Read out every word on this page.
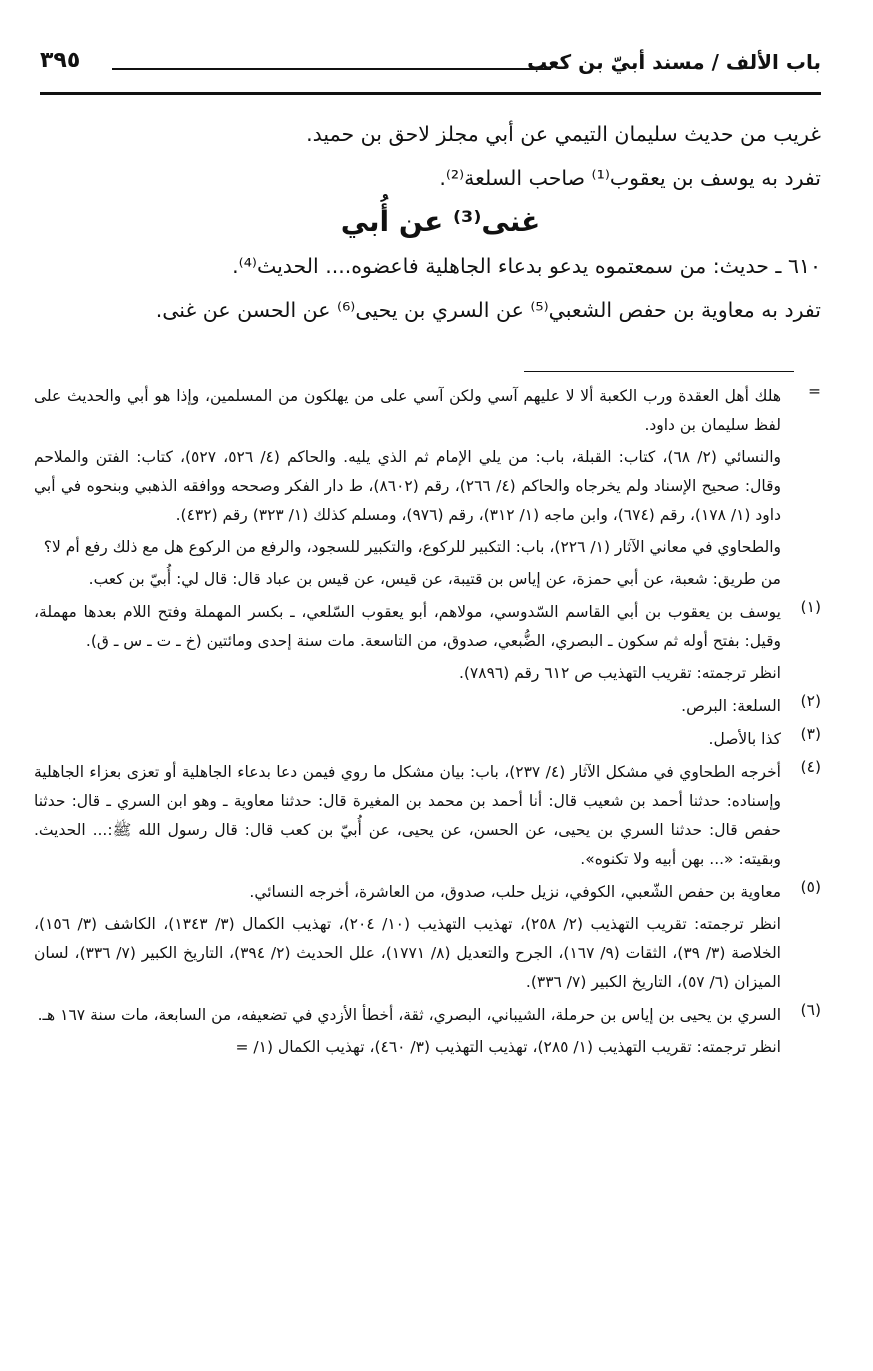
باب الألف / مسند أبيّ بن كعب
٣٩٥

غريب من حديث سليمان التيمي عن أبي مجلز لاحق بن حميد.

تفرد به يوسف بن يعقوب⁽¹⁾ صاحب السلعة⁽²⁾.

غنى⁽³⁾ عن أُبي

٦١٠ ـ حديث: من سمعتموه يدعو بدعاء الجاهلية فاعضوه.... الحديث⁽⁴⁾.

تفرد به معاوية بن حفص الشعبي⁽⁵⁾ عن السري بن يحيى⁽⁶⁾ عن الحسن عن غنى.

=

هلك أهل العقدة ورب الكعبة ألا لا عليهم آسي ولكن آسي على من يهلكون من المسلمين، وإذا هو أبي والحديث على لفظ سليمان بن داود.

والنسائي (٢/ ٦٨)، كتاب: القبلة، باب: من يلي الإمام ثم الذي يليه. والحاكم (٤/ ٥٢٦، ٥٢٧)، كتاب: الفتن والملاحم وقال: صحيح الإسناد ولم يخرجاه والحاكم (٤/ ٢٦٦)، رقم (٨٦٠٢)، ط دار الفكر وصححه ووافقه الذهبي وبنحوه في أبي داود (١/ ١٧٨)، رقم (٦٧٤)، وابن ماجه (١/ ٣١٢)، رقم (٩٧٦)، ومسلم كذلك (١/ ٣٢٣) رقم (٤٣٢).

والطحاوي في معاني الآثار (١/ ٢٢٦)، باب: التكبير للركوع، والتكبير للسجود، والرفع من الركوع هل مع ذلك رفع أم لا؟

من طريق: شعبة، عن أبي حمزة، عن إياس بن قتيبة، عن قيس، عن قيس بن عباد قال: قال لي: أُبيّ بن كعب.

(١)

يوسف بن يعقوب بن أبي القاسم السّدوسي، مولاهم، أبو يعقوب السّلعي، ـ بكسر المهملة وفتح اللام بعدها مهملة، وقيل: بفتح أوله ثم سكون ـ البصري، الضُّبعي، صدوق، من التاسعة. مات سنة إحدى ومائتين (خ ـ ت ـ س ـ ق).

انظر ترجمته: تقريب التهذيب ص ٦١٢ رقم (٧٨٩٦).

(٢)

السلعة: البرص.

(٣)

كذا بالأصل.

(٤)

أخرجه الطحاوي في مشكل الآثار (٤/ ٢٣٧)، باب: بيان مشكل ما روي فيمن دعا بدعاء الجاهلية أو تعزى بعزاء الجاهلية وإسناده: حدثنا أحمد بن شعيب قال: أنا أحمد بن محمد بن المغيرة قال: حدثنا معاوية ـ وهو ابن السري ـ قال: حدثنا حفص قال: حدثنا السري بن يحيى، عن الحسن، عن يحيى، عن أُبيّ بن كعب قال: قال رسول الله ﷺ:... الحديث. وبقيته: «... بهن أبيه ولا تكنوه».

(٥)

معاوية بن حفص الشّعبي، الكوفي، نزيل حلب، صدوق، من العاشرة، أخرجه النسائي.

انظر ترجمته: تقريب التهذيب (٢/ ٢٥٨)، تهذيب التهذيب (١٠/ ٢٠٤)، تهذيب الكمال (٣/ ١٣٤٣)، الكاشف (٣/ ١٥٦)، الخلاصة (٣/ ٣٩)، الثقات (٩/ ١٦٧)، الجرح والتعديل (٨/ ١٧٧١)، علل الحديث (٢/ ٣٩٤)، التاريخ الكبير (٧/ ٣٣٦)، لسان الميزان (٦/ ٥٧)، التاريخ الكبير (٧/ ٣٣٦).

(٦)

السري بن يحيى بن إياس بن حرملة، الشيباني، البصري، ثقة، أخطأ الأزدي في تضعيفه، من السابعة، مات سنة ١٦٧ هـ.

انظر ترجمته: تقريب التهذيب (١/ ٢٨٥)، تهذيب التهذيب (٣/ ٤٦٠)، تهذيب الكمال (١/ =
